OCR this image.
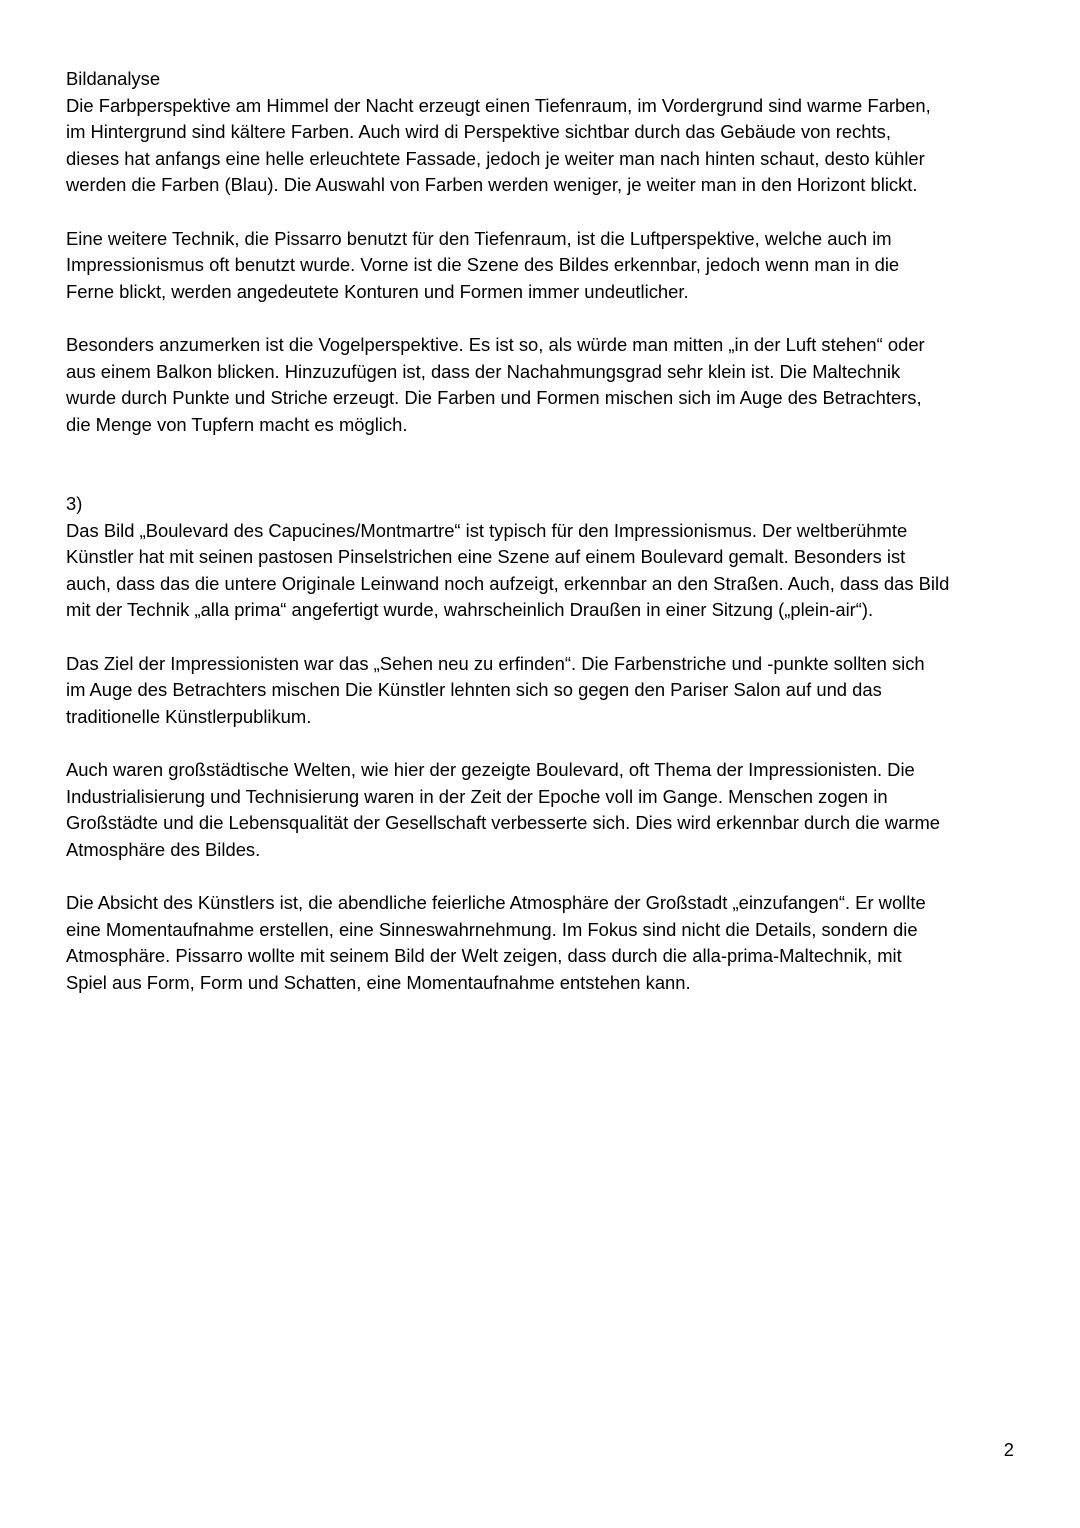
Bildanalyse
Die Farbperspektive am Himmel der Nacht erzeugt einen Tiefenraum, im Vordergrund sind warme Farben,
im Hintergrund sind kältere Farben. Auch wird di Perspektive sichtbar durch das Gebäude von rechts,
dieses hat anfangs eine helle erleuchtete Fassade, jedoch je weiter man nach hinten schaut, desto kühler
werden die Farben (Blau). Die Auswahl von Farben werden weniger, je weiter man in den Horizont blickt.
Eine weitere Technik, die Pissarro benutzt für den Tiefenraum, ist die Luftperspektive, welche auch im
Impressionismus oft benutzt wurde. Vorne ist die Szene des Bildes erkennbar, jedoch wenn man in die
Ferne blickt, werden angedeutete Konturen und Formen immer undeutlicher.
Besonders anzumerken ist die Vogelperspektive. Es ist so, als würde man mitten „in der Luft stehen“ oder
aus einem Balkon blicken. Hinzuzufügen ist, dass der Nachahmungsgrad sehr klein ist. Die Maltechnik
wurde durch Punkte und Striche erzeugt. Die Farben und Formen mischen sich im Auge des Betrachters,
die Menge von Tupfern macht es möglich.
3)
Das Bild „Boulevard des Capucines/Montmartre“ ist typisch für den Impressionismus. Der weltberühmte
Künstler hat mit seinen pastosen Pinselstrichen eine Szene auf einem Boulevard gemalt. Besonders ist
auch, dass das die untere Originale Leinwand noch aufzeigt, erkennbar an den Straßen. Auch, dass das Bild
mit der Technik „alla prima“ angefertigt wurde, wahrscheinlich Draußen in einer Sitzung („plein-air“).
Das Ziel der Impressionisten war das „Sehen neu zu erfinden“. Die Farbenstriche und -punkte sollten sich
im Auge des Betrachters mischen Die Künstler lehnten sich so gegen den Pariser Salon auf und das
traditionelle Künstlerpublikum.
Auch waren großstädtische Welten, wie hier der gezeigte Boulevard, oft Thema der Impressionisten. Die
Industrialisierung und Technisierung waren in der Zeit der Epoche voll im Gange. Menschen zogen in
Großstädte und die Lebensqualität der Gesellschaft verbesserte sich. Dies wird erkennbar durch die warme
Atmosphäre des Bildes.
Die Absicht des Künstlers ist, die abendliche feierliche Atmosphäre der Großstadt „einzufangen“. Er wollte
eine Momentaufnahme erstellen, eine Sinneswahrnehmung. Im Fokus sind nicht die Details, sondern die
Atmosphäre. Pissarro wollte mit seinem Bild der Welt zeigen, dass durch die alla-prima-Maltechnik, mit
Spiel aus Form, Form und Schatten, eine Momentaufnahme entstehen kann.
2
